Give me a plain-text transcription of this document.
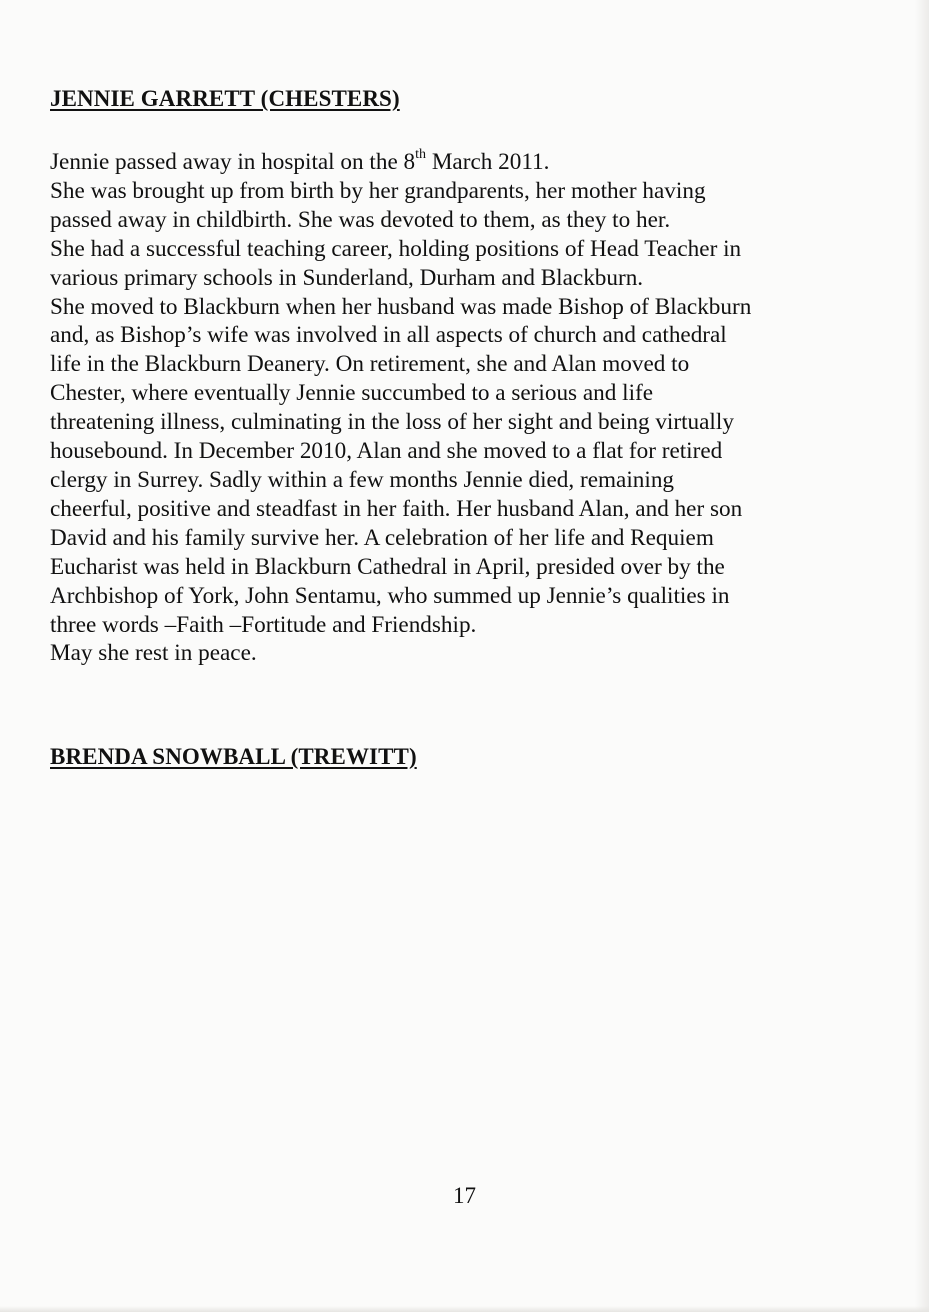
JENNIE GARRETT (CHESTERS)
Jennie passed away in hospital on the 8th March 2011.
She was brought up from birth by her grandparents, her mother having
passed away in childbirth. She was devoted to them, as they to her.
She had a successful teaching career, holding positions of Head Teacher in
various primary schools in Sunderland, Durham and Blackburn.
She moved to Blackburn when her husband was made Bishop of Blackburn
and, as Bishop’s wife was involved in all aspects of church and cathedral
life in the Blackburn Deanery. On retirement, she and Alan moved to
Chester, where eventually Jennie succumbed to a serious and life
threatening illness, culminating in the loss of her sight and being virtually
housebound. In December 2010, Alan and she moved to a flat for retired
clergy in Surrey. Sadly within a few months Jennie died, remaining
cheerful, positive and steadfast in her faith. Her husband Alan, and her son
David and his family survive her. A celebration of her life and Requiem
Eucharist was held in Blackburn Cathedral in April, presided over by the
Archbishop of York, John Sentamu, who summed up Jennie’s qualities in
three words –Faith –Fortitude and Friendship.
May she rest in peace.
BRENDA SNOWBALL (TREWITT)
17
